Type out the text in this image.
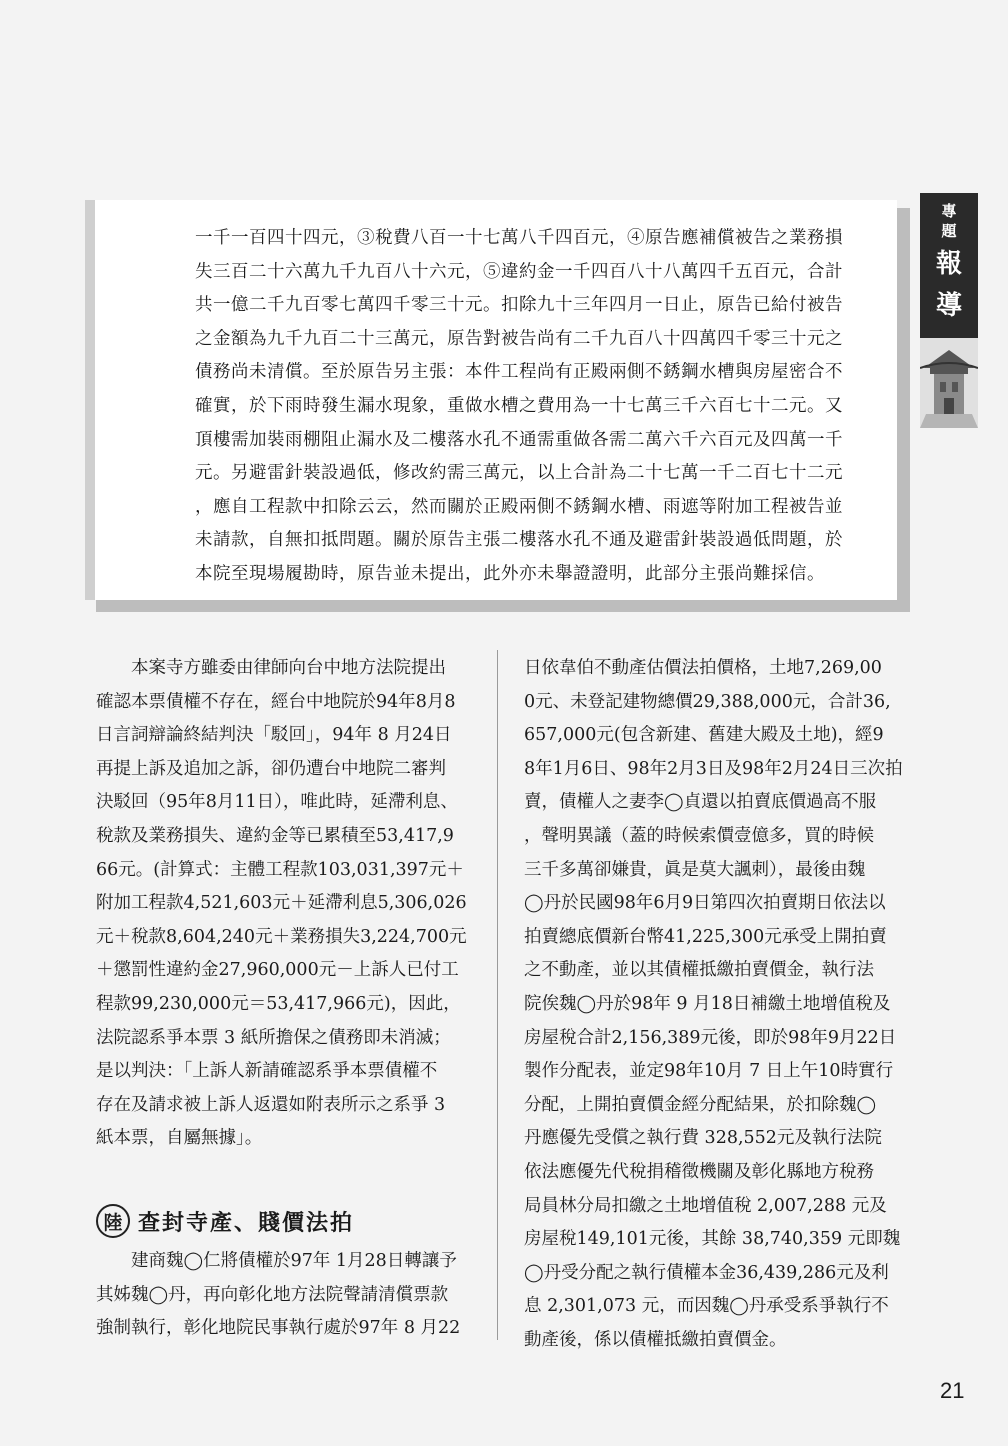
專
題
報
導
一千一百四十四元，③稅費八百一十七萬八千四百元，④原告應補償被告之業務損
失三百二十六萬九千九百八十六元，⑤違約金一千四百八十八萬四千五百元，合計
共一億二千九百零七萬四千零三十元。扣除九十三年四月一日止，原告已給付被告
之金額為九千九百二十三萬元，原告對被告尚有二千九百八十四萬四千零三十元之
債務尚未清償。至於原告另主張：本件工程尚有正殿兩側不銹鋼水槽與房屋密合不
確實，於下雨時發生漏水現象，重做水槽之費用為一十七萬三千六百七十二元。又
頂樓需加裝雨棚阻止漏水及二樓落水孔不通需重做各需二萬六千六百元及四萬一千
元。另避雷針裝設過低，修改約需三萬元，以上合計為二十七萬一千二百七十二元
，應自工程款中扣除云云，然而關於正殿兩側不銹鋼水槽、雨遮等附加工程被告並
未請款，自無扣抵問題。關於原告主張二樓落水孔不通及避雷針裝設過低問題，於
本院至現場履勘時，原告並未提出，此外亦未舉證證明，此部分主張尚難採信。
　　本案寺方雖委由律師向台中地方法院提出
確認本票債權不存在，經台中地院於94年8月8
日言詞辯論終結判決「駁回」，94年 8 月24日
再提上訴及追加之訴，卻仍遭台中地院二審判
決駁回（95年8月11日），唯此時，延滯利息、
稅款及業務損失、違約金等已累積至53,417,9
66元。(計算式：主體工程款103,031,397元＋
附加工程款4,521,603元＋延滯利息5,306,026
元＋稅款8,604,240元＋業務損失3,224,700元
＋懲罰性違約金27,960,000元－上訴人已付工
程款99,230,000元＝53,417,966元)，因此，
法院認系爭本票 3 紙所擔保之債務即未消滅；
是以判決：「上訴人新請確認系爭本票債權不
存在及請求被上訴人返還如附表所示之系爭 3
紙本票，自屬無據」。
陸 查封寺產、賤價法拍
　　建商魏◯仁將債權於97年 1月28日轉讓予
其姊魏◯丹，再向彰化地方法院聲請清償票款
強制執行，彰化地院民事執行處於97年 8 月22
日依韋伯不動產估價法拍價格，土地7,269,00
0元、未登記建物總價29,388,000元，合計36,
657,000元(包含新建、舊建大殿及土地)，經9
8年1月6日、98年2月3日及98年2月24日三次拍
賣，債權人之妻李◯貞還以拍賣底價過高不服
，聲明異議（蓋的時候索價壹億多，買的時候
三千多萬卻嫌貴，眞是莫大諷刺），最後由魏
◯丹於民國98年6月9日第四次拍賣期日依法以
拍賣總底價新台幣41,225,300元承受上開拍賣
之不動產，並以其債權抵繳拍賣價金，執行法
院俟魏◯丹於98年 9 月18日補繳土地增值稅及
房屋稅合計2,156,389元後，即於98年9月22日
製作分配表，並定98年10月 7 日上午10時實行
分配，上開拍賣價金經分配結果，於扣除魏◯
丹應優先受償之執行費 328,552元及執行法院
依法應優先代稅捐稽徵機關及彰化縣地方稅務
局員林分局扣繳之土地增值稅 2,007,288 元及
房屋稅149,101元後，其餘 38,740,359 元即魏
◯丹受分配之執行債權本金36,439,286元及利
息 2,301,073 元，而因魏◯丹承受系爭執行不
動產後，係以債權抵繳拍賣價金。
21
